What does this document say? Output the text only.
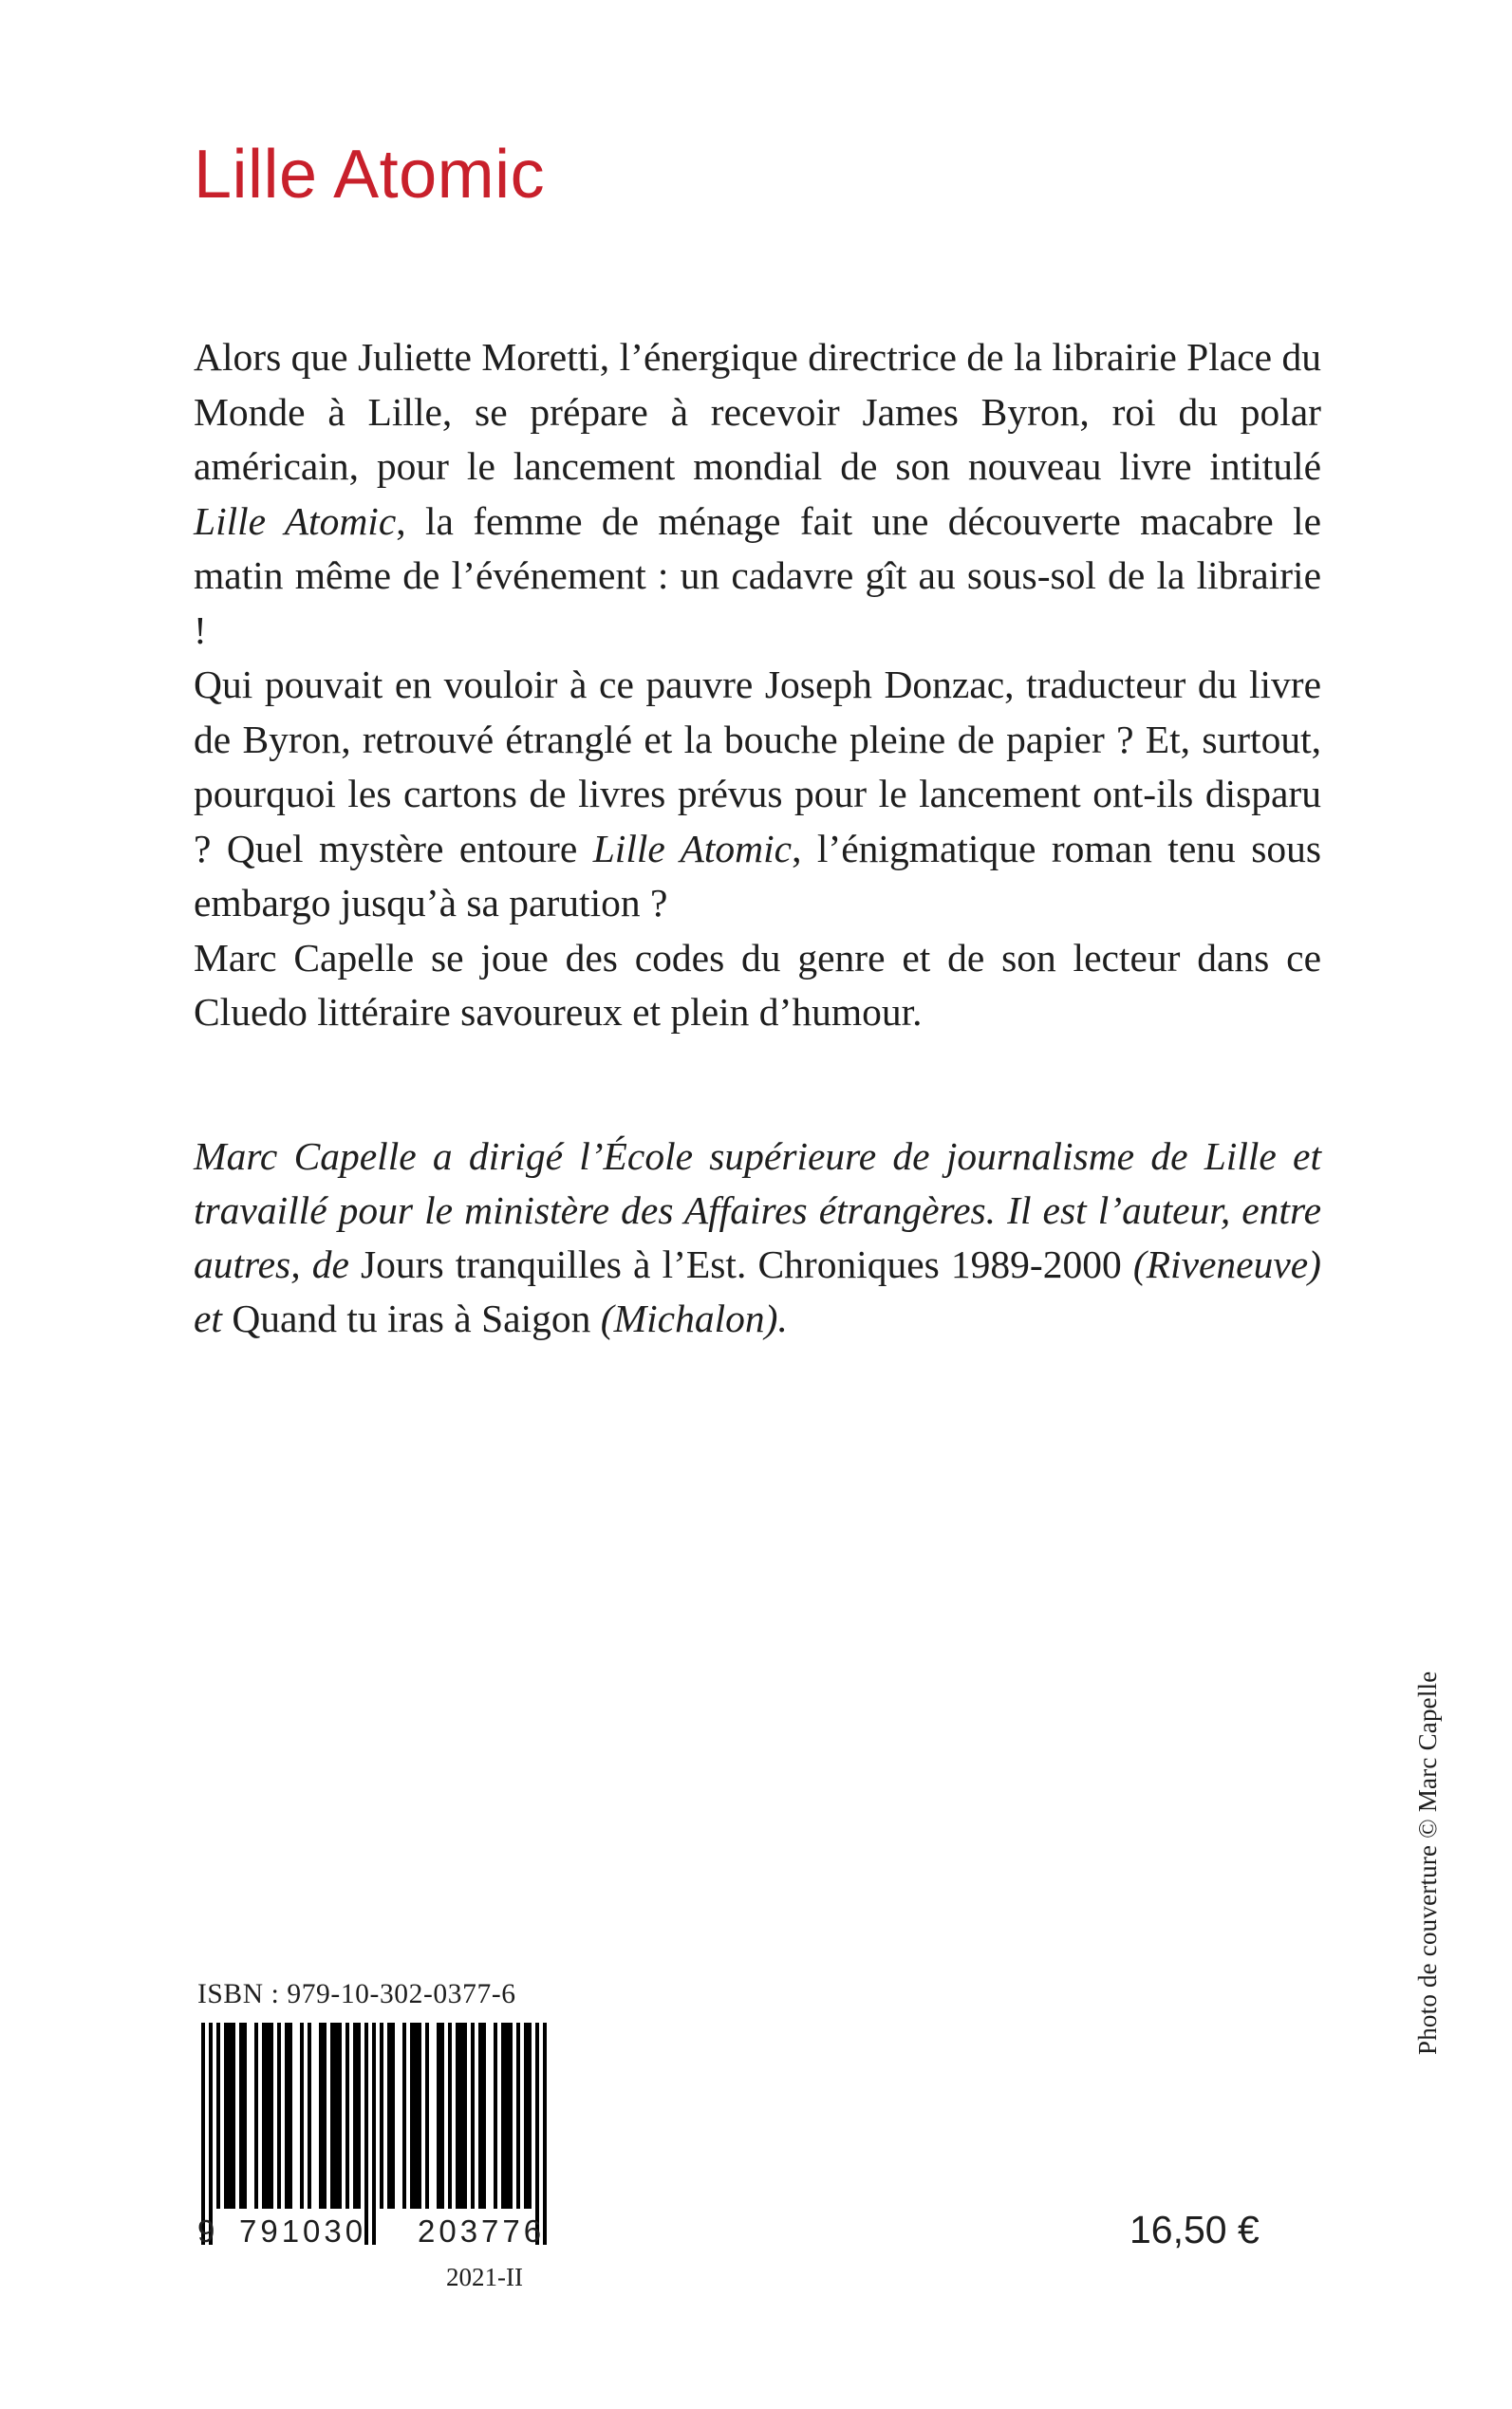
Lille Atomic

Alors que Juliette Moretti, l’énergique directrice de la librairie Place du Monde à Lille, se prépare à recevoir James Byron, roi du polar américain, pour le lancement mondial de son nouveau livre intitulé Lille Atomic, la femme de ménage fait une découverte macabre le matin même de l’événement : un cadavre gît au sous-sol de la librairie !

Qui pouvait en vouloir à ce pauvre Joseph Donzac, traducteur du livre de Byron, retrouvé étranglé et la bouche pleine de papier ? Et, surtout, pourquoi les cartons de livres prévus pour le lancement ont-ils disparu ? Quel mystère entoure Lille Atomic, l’énigmatique roman tenu sous embargo jusqu’à sa parution ?

Marc Capelle se joue des codes du genre et de son lecteur dans ce Cluedo littéraire savoureux et plein d’humour.

Marc Capelle a dirigé l’École supérieure de journalisme de Lille et travaillé pour le ministère des Affaires étrangères. Il est l’auteur, entre autres, de Jours tranquilles à l’Est. Chroniques 1989-2000 (Riveneuve) et Quand tu iras à Saigon (Michalon).

Photo de couverture © Marc Capelle
ISBN : 979-10-302-0377-6
9 791030 203776
2021-II
16,50 €
